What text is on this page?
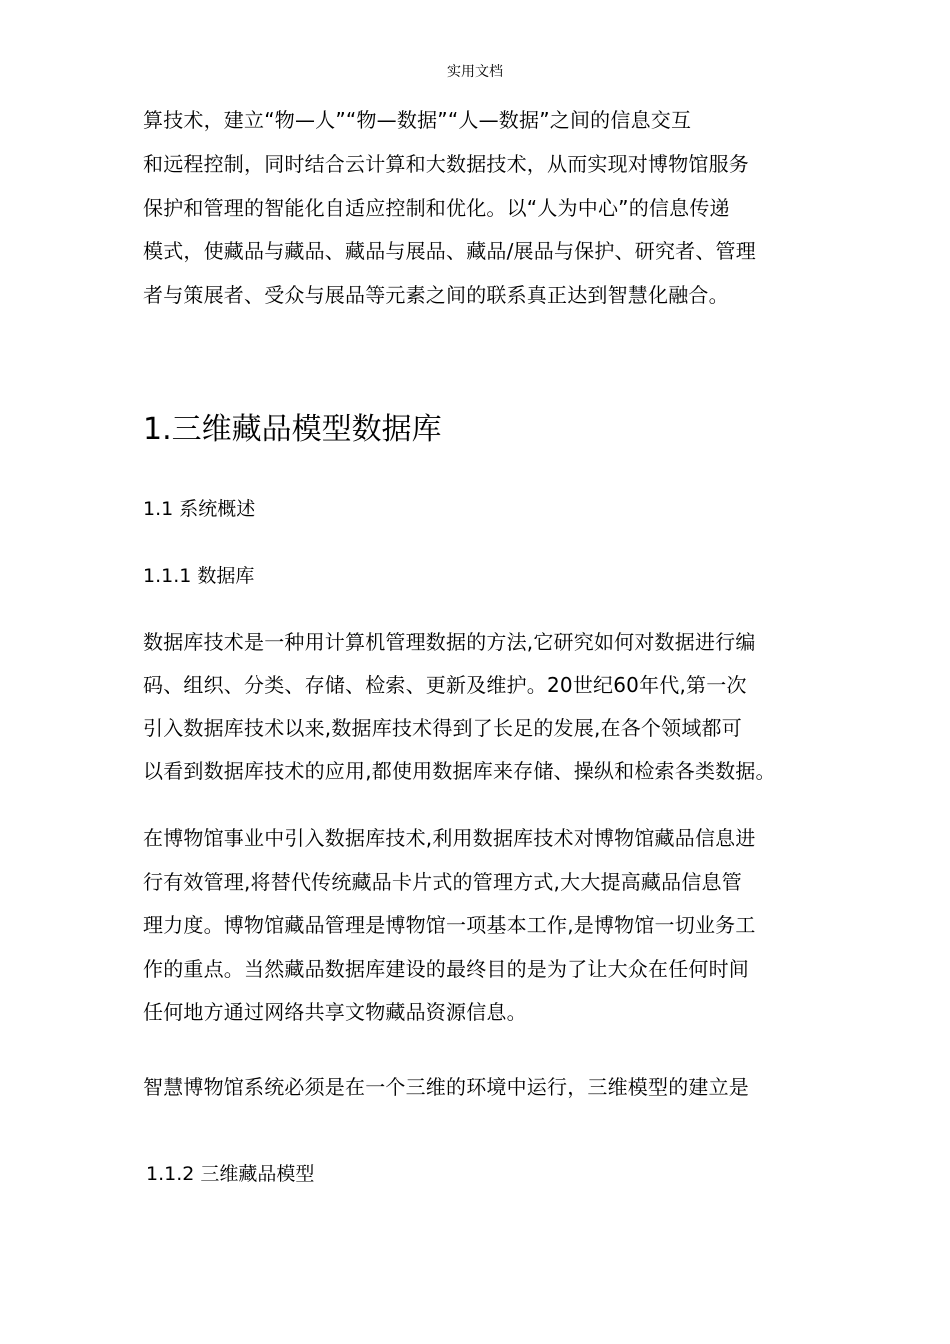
实用文档
算技术，建立“物—人”“物—数据”“人—数据”之间的信息交互
和远程控制，同时结合云计算和大数据技术，从而实现对博物馆服务
保护和管理的智能化自适应控制和优化。以“人为中心”的信息传递
模式，使藏品与藏品、藏品与展品、藏品/展品与保护、研究者、管理
者与策展者、受众与展品等元素之间的联系真正达到智慧化融合。
1.三维藏品模型数据库
1.1 系统概述
1.1.1 数据库
数据库技术是一种用计算机管理数据的方法,它研究如何对数据进行编
码、组织、分类、存储、检索、更新及维护。20世纪60年代,第一次
引入数据库技术以来,数据库技术得到了长足的发展,在各个领域都可
以看到数据库技术的应用,都使用数据库来存储、操纵和检索各类数据。
在博物馆事业中引入数据库技术,利用数据库技术对博物馆藏品信息进
行有效管理,将替代传统藏品卡片式的管理方式,大大提高藏品信息管
理力度。博物馆藏品管理是博物馆一项基本工作,是博物馆一切业务工
作的重点。当然藏品数据库建设的最终目的是为了让大众在任何时间
任何地方通过网络共享文物藏品资源信息。
智慧博物馆系统必须是在一个三维的环境中运行，三维模型的建立是
1.1.2 三维藏品模型
